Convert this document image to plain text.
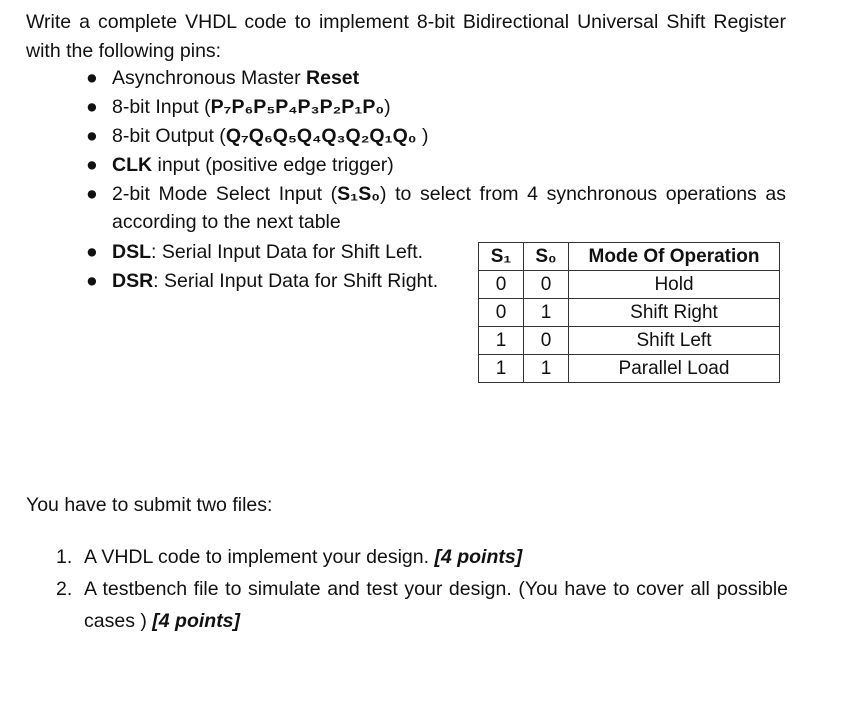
Write a complete VHDL code to implement 8-bit Bidirectional Universal Shift Register with the following pins:
● Asynchronous Master Reset
● 8-bit Input (P₇P₆P₅P₄P₃P₂P₁P₀)
● 8-bit Output (Q₇Q₆Q₅Q₄Q₃Q₂Q₁Q₀ )
● CLK input (positive edge trigger)
● 2-bit Mode Select Input (S₁S₀) to select from 4 synchronous operations as according to the next table
● DSL: Serial Input Data for Shift Left.
● DSR: Serial Input Data for Shift Right.
S₁	S₀	Mode Of Operation
0	0	Hold
0	1	Shift Right
1	0	Shift Left
1	1	Parallel Load
You have to submit two files:
1. A VHDL code to implement your design. [4 points]
2. A testbench file to simulate and test your design. (You have to cover all possible cases ) [4 points]
